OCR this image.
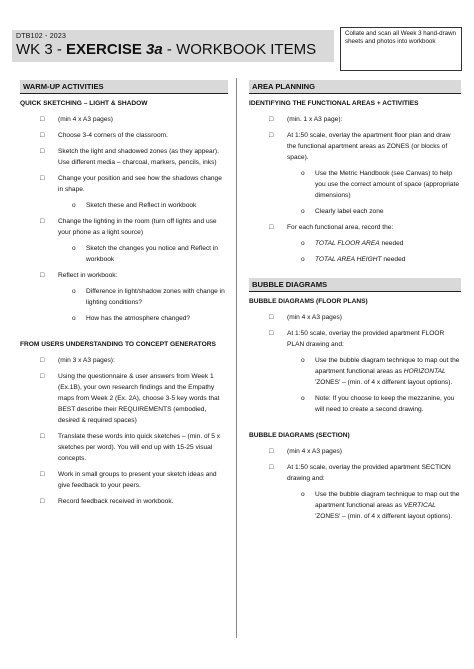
DTB102 - 2023
WK 3 - EXERCISE 3a - WORKBOOK ITEMS
Collate and scan all Week 3 hand-drawn sheets and photos into workbook
WARM-UP ACTIVITIES
QUICK SKETCHING – LIGHT & SHADOW
□ (min 4 x A3 pages)
□ Choose 3-4 corners of the classroom.
□ Sketch the light and shadowed zones (as they appear). Use different media – charcoal, markers, pencils, inks)
□ Change your position and see how the shadows change in shape.
o Sketch these and Reflect in workbook
□ Change the lighting in the room (turn off lights and use your phone as a light source)
o Sketch the changes you notice and Reflect in workbook
□ Reflect in workbook:
o Difference in light/shadow zones with change in lighting conditions?
o How has the atmosphere changed?
FROM USERS UNDERSTANDING TO CONCEPT GENERATORS
□ (min 3 x A3 pages):
□ Using the questionnaire & user answers from Week 1 (Ex.1B), your own research findings and the Empathy maps from Week 2 (Ex. 2A), choose 3-5 key words that BEST describe their REQUIREMENTS (embodied, desired & required spaces)
□ Translate these words into quick sketches – (min. of 5 x sketches per word). You will end up with 15-25 visual concepts.
□ Work in small groups to present your sketch ideas and give feedback to your peers.
□ Record feedback received in workbook.
AREA PLANNING
IDENTIFYING THE FUNCTIONAL AREAS + ACTIVITIES
□ (min. 1 x A3 page):
□ At 1:50 scale, overlay the apartment floor plan and draw the functional apartment areas as ZONES (or blocks of space).
o Use the Metric Handbook (see Canvas) to help you use the correct amount of space (appropriate dimensions)
o Clearly label each zone
□ For each functional area, record the:
o TOTAL FLOOR AREA needed
o TOTAL AREA HEIGHT needed
BUBBLE DIAGRAMS
BUBBLE DIAGRAMS (FLOOR PLANS)
□ (min 4 x A3 pages)
□ At 1:50 scale, overlay the provided apartment FLOOR PLAN drawing and:
o Use the bubble diagram technique to map out the apartment functional areas as HORIZONTAL 'ZONES' – (min. of 4 x different layout options).
o Note: If you choose to keep the mezzanine, you will need to create a second drawing.
BUBBLE DIAGRAMS (SECTION)
□ (min 4 x A3 pages)
□ At 1:50 scale, overlay the provided apartment SECTION drawing and:
o Use the bubble diagram technique to map out the apartment functional areas as VERTICAL 'ZONES' – (min. of 4 x different layout options).
